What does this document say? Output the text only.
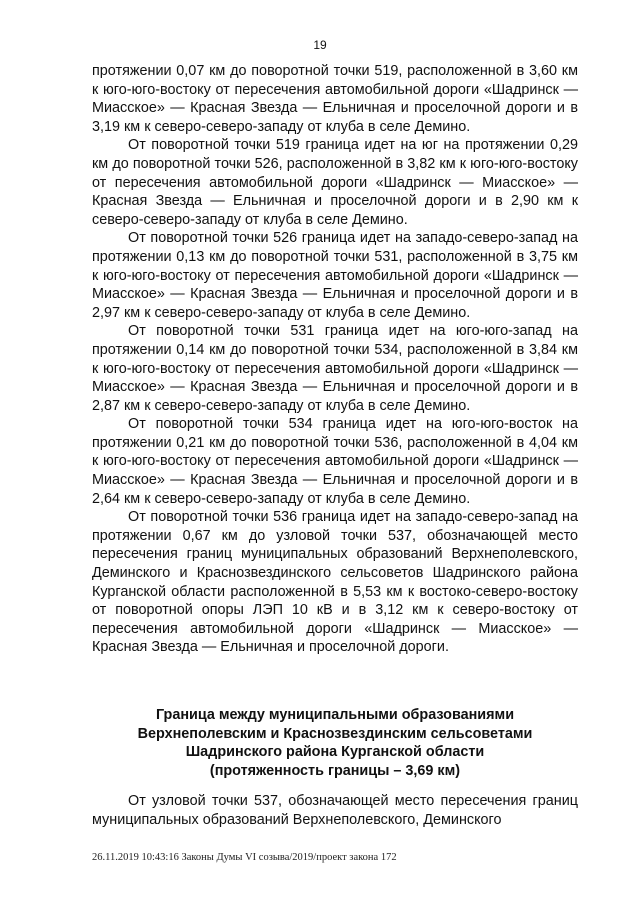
19

протяжении 0,07 км до поворотной точки 519, расположенной в 3,60 км к юго-юго-востоку от пересечения автомобильной дороги «Шадринск — Миасское» — Красная Звезда — Ельничная и проселочной дороги и в 3,19 км к северо-северо-западу от клуба в селе Демино.

От поворотной точки 519 граница идет на юг на протяжении 0,29 км до поворотной точки 526, расположенной в 3,82 км к юго-юго-востоку от пересечения автомобильной дороги «Шадринск — Миасское» — Красная Звезда — Ельничная и проселочной дороги и в 2,90 км к северо-северо-западу от клуба в селе Демино.

От поворотной точки 526 граница идет на западо-северо-запад на протяжении 0,13 км до поворотной точки 531, расположенной в 3,75 км к юго-юго-востоку от пересечения автомобильной дороги «Шадринск — Миасское» — Красная Звезда — Ельничная и проселочной дороги и в 2,97 км к северо-северо-западу от клуба в селе Демино.

От поворотной точки 531 граница идет на юго-юго-запад на протяжении 0,14 км до поворотной точки 534, расположенной в 3,84 км к юго-юго-востоку от пересечения автомобильной дороги «Шадринск — Миасское» — Красная Звезда — Ельничная и проселочной дороги и в 2,87 км к северо-северо-западу от клуба в селе Демино.

От поворотной точки 534 граница идет на юго-юго-восток на протяжении 0,21 км до поворотной точки 536, расположенной в 4,04 км к юго-юго-востоку от пересечения автомобильной дороги «Шадринск — Миасское» — Красная Звезда — Ельничная и проселочной дороги и в 2,64 км к северо-северо-западу от клуба в селе Демино.

От поворотной точки 536 граница идет на западо-северо-запад на протяжении 0,67 км до узловой точки 537, обозначающей место пересечения границ муниципальных образований Верхнеполевского, Деминского и Краснозвездинского сельсоветов Шадринского района Курганской области расположенной в 5,53 км к востоко-северо-востоку от поворотной опоры ЛЭП 10 кВ и в 3,12 км к северо-востоку от пересечения автомобильной дороги «Шадринск — Миасское» — Красная Звезда — Ельничная и проселочной дороги.

Граница между муниципальными образованиями
Верхнеполевским и Краснозвездинским сельсоветами
Шадринского района Курганской области
(протяженность границы – 3,69 км)

От узловой точки 537, обозначающей место пересечения границ муниципальных образований Верхнеполевского, Деминского

26.11.2019 10:43:16 Законы Думы VI созыва/2019/проект закона 172
